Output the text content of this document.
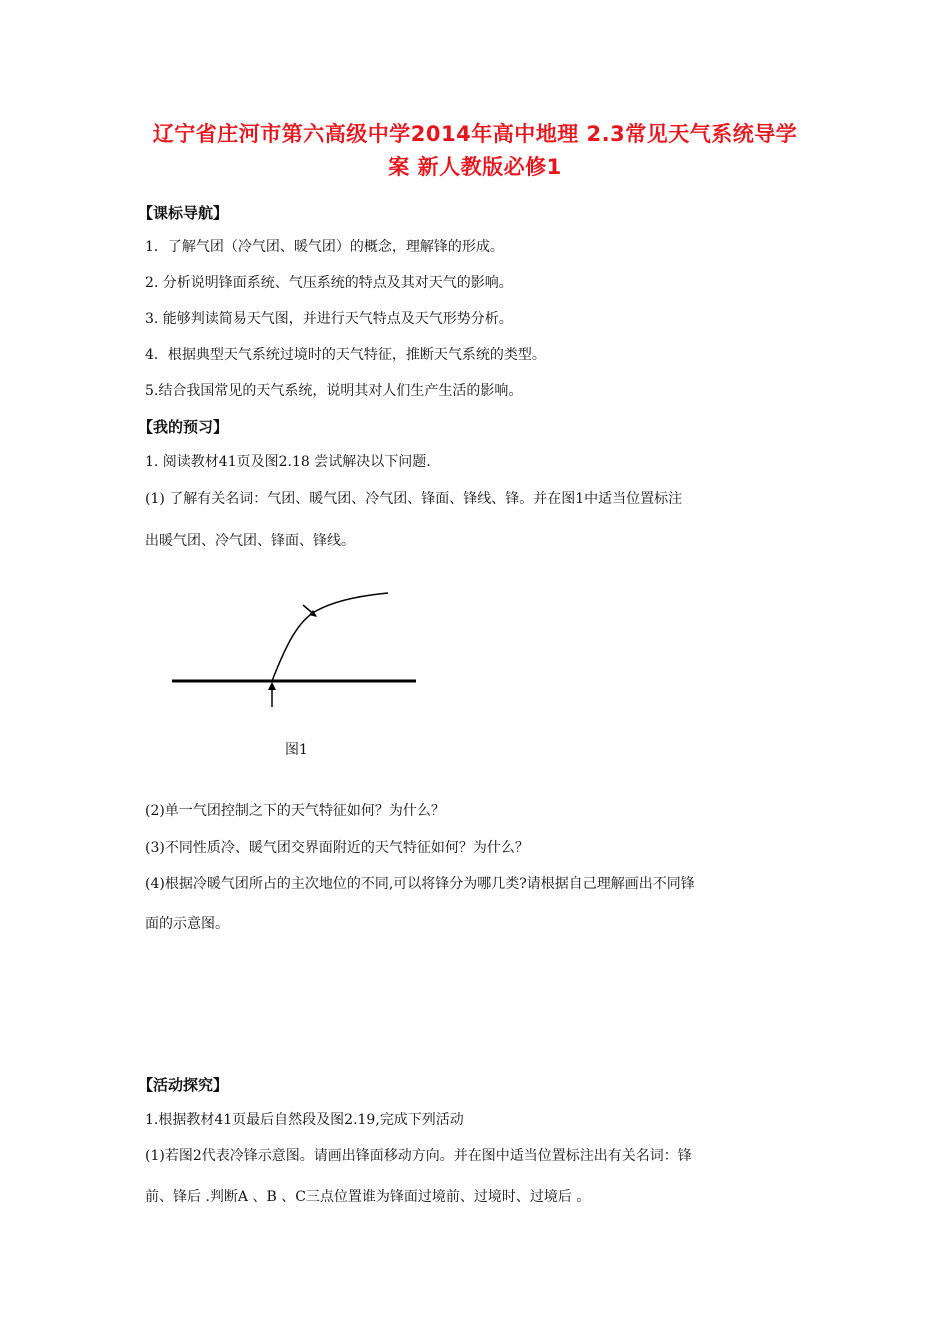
辽宁省庄河市第六高级中学2014年高中地理 2.3常见天气系统导学
案 新人教版必修1
【课标导航】
1．了解气团（冷气团、暖气团）的概念，理解锋的形成。
2. 分析说明锋面系统、气压系统的特点及其对天气的影响。
3. 能够判读简易天气图，并进行天气特点及天气形势分析。
4．根据典型天气系统过境时的天气特征，推断天气系统的类型。
5.结合我国常见的天气系统，说明其对人们生产生活的影响。
【我的预习】
1. 阅读教材41页及图2.18 尝试解决以下问题.
(1) 了解有关名词：气团、暖气团、冷气团、锋面、锋线、锋。并在图1中适当位置标注
出暖气团、冷气团、锋面、锋线。
图1
(2)单一气团控制之下的天气特征如何？为什么？
(3)不同性质冷、暖气团交界面附近的天气特征如何？为什么？
(4)根据冷暖气团所占的主次地位的不同,可以将锋分为哪几类?请根据自己理解画出不同锋
面的示意图。
【活动探究】
1.根据教材41页最后自然段及图2.19,完成下列活动
(1)若图2代表冷锋示意图。请画出锋面移动方向。并在图中适当位置标注出有关名词：锋
前、锋后 .判断A 、B 、C三点位置谁为锋面过境前、过境时、过境后 。
